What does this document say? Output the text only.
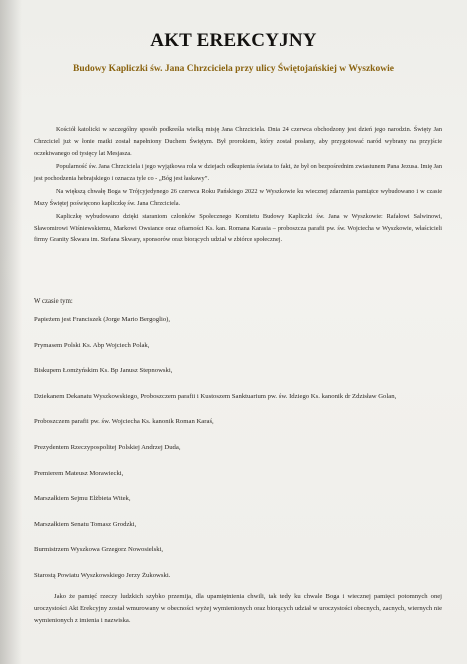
AKT EREKCYJNY
Budowy Kapliczki św. Jana Chrzciciela przy ulicy Świętojańskiej w Wyszkowie

Kościół katolicki w szczególny sposób podkreśla wielką misję Jana Chrzciciela. Dnia 24 czerwca obchodzony jest dzień jego narodzin. Święty Jan Chrzciciel już w łonie matki został napełniony Duchem Świętym. Był prorokiem, który został posłany, aby przygotować naród wybrany na przyjście oczekiwanego od tysięcy lat Mesjasza.

Popularność św. Jana Chrzciciela i jego wyjątkowa rola w dziejach odkupienia świata to fakt, że był on bezpośrednim zwiastunem Pana Jezusa. Imię Jan jest pochodzenia hebrajskiego i oznacza tyle co - „Bóg jest łaskawy”.

Na większą chwałę Boga w Trójcyjedynego 26 czerwca Roku Pańskiego 2022 w Wyszkowie ku wiecznej zdarzenia pamiątce wybudowano i w czasie Mszy Świętej poświęcono kapliczkę św. Jana Chrzciciela.

Kapliczkę wybudowano dzięki staraniom członków Społecznego Komitetu Budowy Kapliczki św. Jana w Wyszkowie: Rafałowi Salwinowi, Sławomirowi Wiśniewskiemu, Markowi Owsiance oraz ofiarności Ks. kan. Romana Karasia – proboszcza parafii pw. św. Wojciecha w Wyszkowie, właścicieli firmy Granity Skwara im. Stefana Skwary, sponsorów oraz biorących udział w zbiórce społecznej.

W czasie tym:

Papieżem jest Franciszek (Jorge Mario Bergoglio),
Prymasem Polski Ks. Abp Wojciech Polak,
Biskupem Łomżyńskim Ks. Bp Janusz Stepnowski,
Dziekanem Dekanatu Wyszkowskiego, Proboszczem parafii i Kustoszem Sanktuarium pw. św. Idziego Ks. kanonik dr Zdzisław Golan,
Proboszczem parafii pw. św. Wojciecha Ks. kanonik Roman Karaś,
Prezydentem Rzeczypospolitej Polskiej Andrzej Duda,
Premierem Mateusz Morawiecki,
Marszałkiem Sejmu Elżbieta Witek,
Marszałkiem Senatu Tomasz Grodzki,
Burmistrzem Wyszkowa Grzegorz Nowosielski,
Starostą Powiatu Wyszkowskiego Jerzy Żukowski.

Jako że pamięć rzeczy ludzkich szybko przemija, dla upamiętnienia chwili, tak tedy ku chwale Boga i wiecznej pamięci potomnych onej uroczystości Akt Erekcyjny został wmurowany w obecności wyżej wymienionych oraz biorących udział w uroczystości obecnych, zacnych, wiernych nie wymienionych z imienia i nazwiska.
